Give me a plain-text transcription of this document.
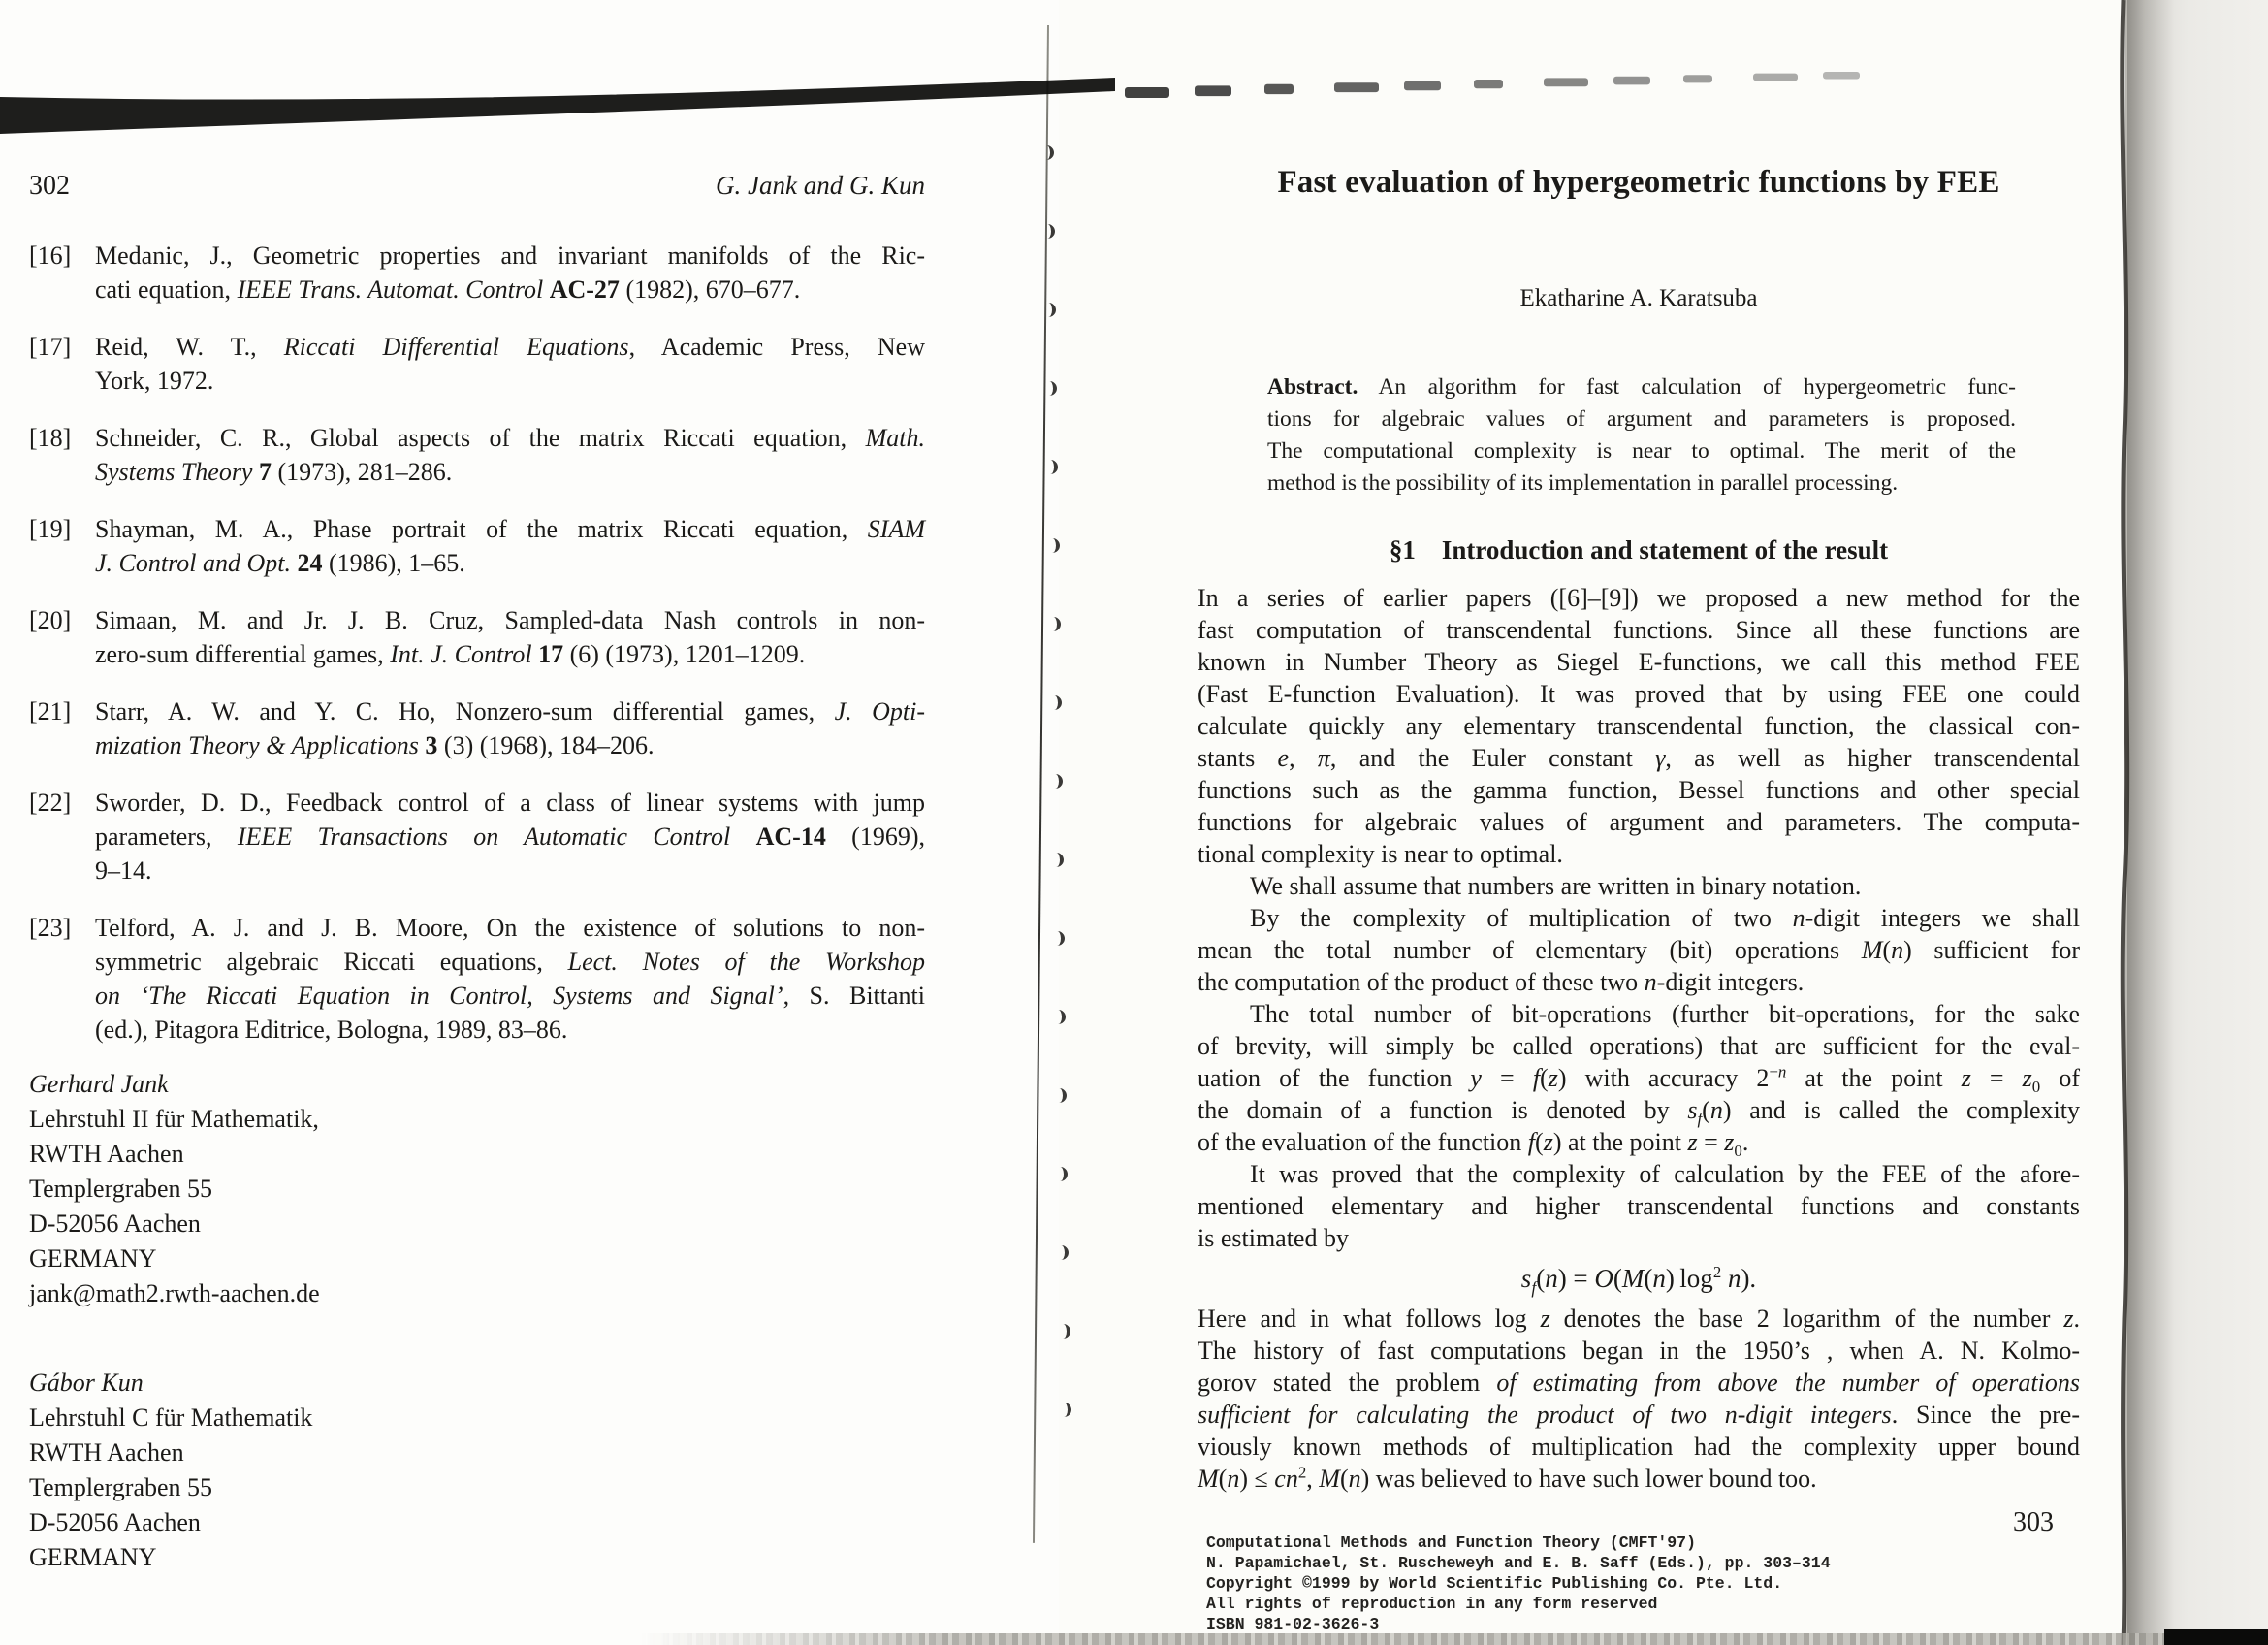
302	G. Jank and G. Kun
[16] Medanic, J., Geometric properties and invariant manifolds of the Ric-
cati equation, IEEE Trans. Automat. Control AC-27 (1982), 670–677.
[17] Reid, W. T., Riccati Differential Equations, Academic Press, New
York, 1972.
[18] Schneider, C. R., Global aspects of the matrix Riccati equation, Math.
Systems Theory 7 (1973), 281–286.
[19] Shayman, M. A., Phase portrait of the matrix Riccati equation, SIAM
J. Control and Opt. 24 (1986), 1–65.
[20] Simaan, M. and Jr. J. B. Cruz, Sampled-data Nash controls in non-
zero-sum differential games, Int. J. Control 17 (6) (1973), 1201–1209.
[21] Starr, A. W. and Y. C. Ho, Nonzero-sum differential games, J. Opti-
mization Theory & Applications 3 (3) (1968), 184–206.
[22] Sworder, D. D., Feedback control of a class of linear systems with jump
parameters, IEEE Transactions on Automatic Control AC-14 (1969),
9–14.
[23] Telford, A. J. and J. B. Moore, On the existence of solutions to non-
symmetric algebraic Riccati equations, Lect. Notes of the Workshop
on ‘The Riccati Equation in Control, Systems and Signal’, S. Bittanti
(ed.), Pitagora Editrice, Bologna, 1989, 83–86.
Gerhard Jank
Lehrstuhl II für Mathematik,
RWTH Aachen
Templergraben 55
D-52056 Aachen
GERMANY
jank@math2.rwth-aachen.de
Gábor Kun
Lehrstuhl C für Mathematik
RWTH Aachen
Templergraben 55
D-52056 Aachen
GERMANY
Fast evaluation of hypergeometric functions by FEE
Ekatharine A. Karatsuba
Abstract. An algorithm for fast calculation of hypergeometric func-
tions for algebraic values of argument and parameters is proposed.
The computational complexity is near to optimal. The merit of the
method is the possibility of its implementation in parallel processing.
§1 Introduction and statement of the result
In a series of earlier papers ([6]–[9]) we proposed a new method for the
fast computation of transcendental functions. Since all these functions are
known in Number Theory as Siegel E-functions, we call this method FEE
(Fast E-function Evaluation). It was proved that by using FEE one could
calculate quickly any elementary transcendental function, the classical con-
stants e, π, and the Euler constant γ, as well as higher transcendental
functions such as the gamma function, Bessel functions and other special
functions for algebraic values of argument and parameters. The computa-
tional complexity is near to optimal.
We shall assume that numbers are written in binary notation.
By the complexity of multiplication of two n-digit integers we shall
mean the total number of elementary (bit) operations M(n) sufficient for
the computation of the product of these two n-digit integers.
The total number of bit-operations (further bit-operations, for the sake
of brevity, will simply be called operations) that are sufficient for the eval-
uation of the function y = f(z) with accuracy $2^{-n}$ at the point $z = z_0$ of
the domain of a function is denoted by $s_f(n)$ and is called the complexity
of the evaluation of the function f(z) at the point $z = z_0$.
It was proved that the complexity of calculation by the FEE of the afore-
mentioned elementary and higher transcendental functions and constants
is estimated by
$s_f(n) = O(M(n)$ $\log^2 n$).
Here and in what follows log z denotes the base 2 logarithm of the number z.
The history of fast computations began in the 1950’s , when A. N. Kolmo-
gorov stated the problem of estimating from above the number of operations
sufficient for calculating the product of two n-digit integers. Since the pre-
viously known methods of multiplication had the complexity upper bound
$M(n) \le cn^2$, M(n) was believed to have such lower bound too.
Computational Methods and Function Theory (CMFT'97)
N. Papamichael, St. Ruscheweyh and E. B. Saff (Eds.), pp. 303–314
Copyright ©1999 by World Scientific Publishing Co. Pte. Ltd.
All rights of reproduction in any form reserved
ISBN 981-02-3626-3
303
